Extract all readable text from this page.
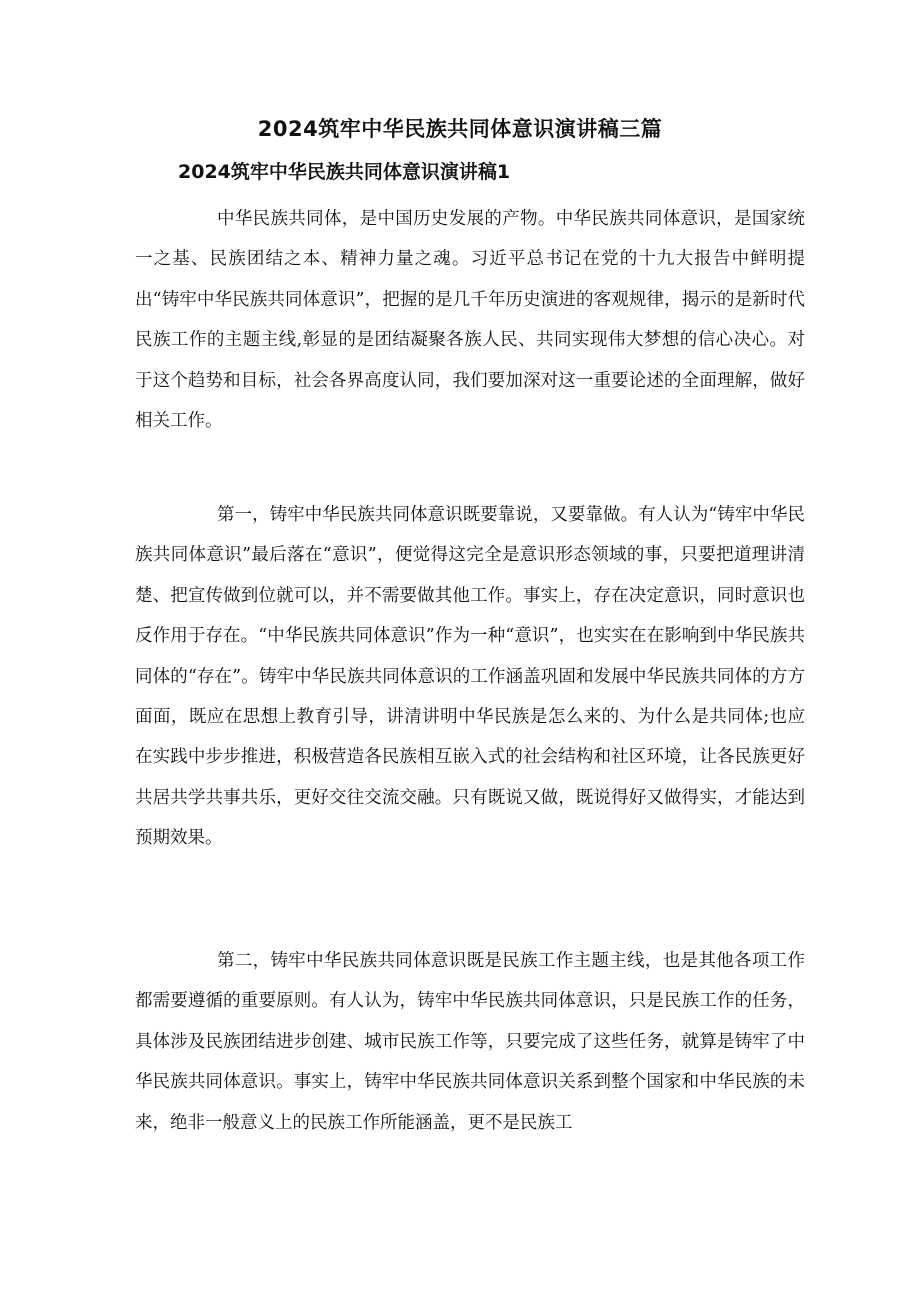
2024筑牢中华民族共同体意识演讲稿三篇
2024筑牢中华民族共同体意识演讲稿1

中华民族共同体，是中国历史发展的产物。中华民族共同体意识，是国家统一之基、民族团结之本、精神力量之魂。习近平总书记在党的十九大报告中鲜明提出“铸牢中华民族共同体意识”，把握的是几千年历史演进的客观规律，揭示的是新时代民族工作的主题主线,彰显的是团结凝聚各族人民、共同实现伟大梦想的信心决心。对于这个趋势和目标，社会各界高度认同，我们要加深对这一重要论述的全面理解，做好相关工作。

第一，铸牢中华民族共同体意识既要靠说，又要靠做。有人认为“铸牢中华民族共同体意识”最后落在“意识”，便觉得这完全是意识形态领域的事，只要把道理讲清楚、把宣传做到位就可以，并不需要做其他工作。事实上，存在决定意识，同时意识也反作用于存在。“中华民族共同体意识”作为一种“意识”，也实实在在影响到中华民族共同体的“存在”。铸牢中华民族共同体意识的工作涵盖巩固和发展中华民族共同体的方方面面，既应在思想上教育引导，讲清讲明中华民族是怎么来的、为什么是共同体;也应在实践中步步推进，积极营造各民族相互嵌入式的社会结构和社区环境，让各民族更好共居共学共事共乐，更好交往交流交融。只有既说又做，既说得好又做得实，才能达到预期效果。

第二，铸牢中华民族共同体意识既是民族工作主题主线，也是其他各项工作都需要遵循的重要原则。有人认为，铸牢中华民族共同体意识，只是民族工作的任务，具体涉及民族团结进步创建、城市民族工作等，只要完成了这些任务，就算是铸牢了中华民族共同体意识。事实上，铸牢中华民族共同体意识关系到整个国家和中华民族的未来，绝非一般意义上的民族工作所能涵盖，更不是民族工
